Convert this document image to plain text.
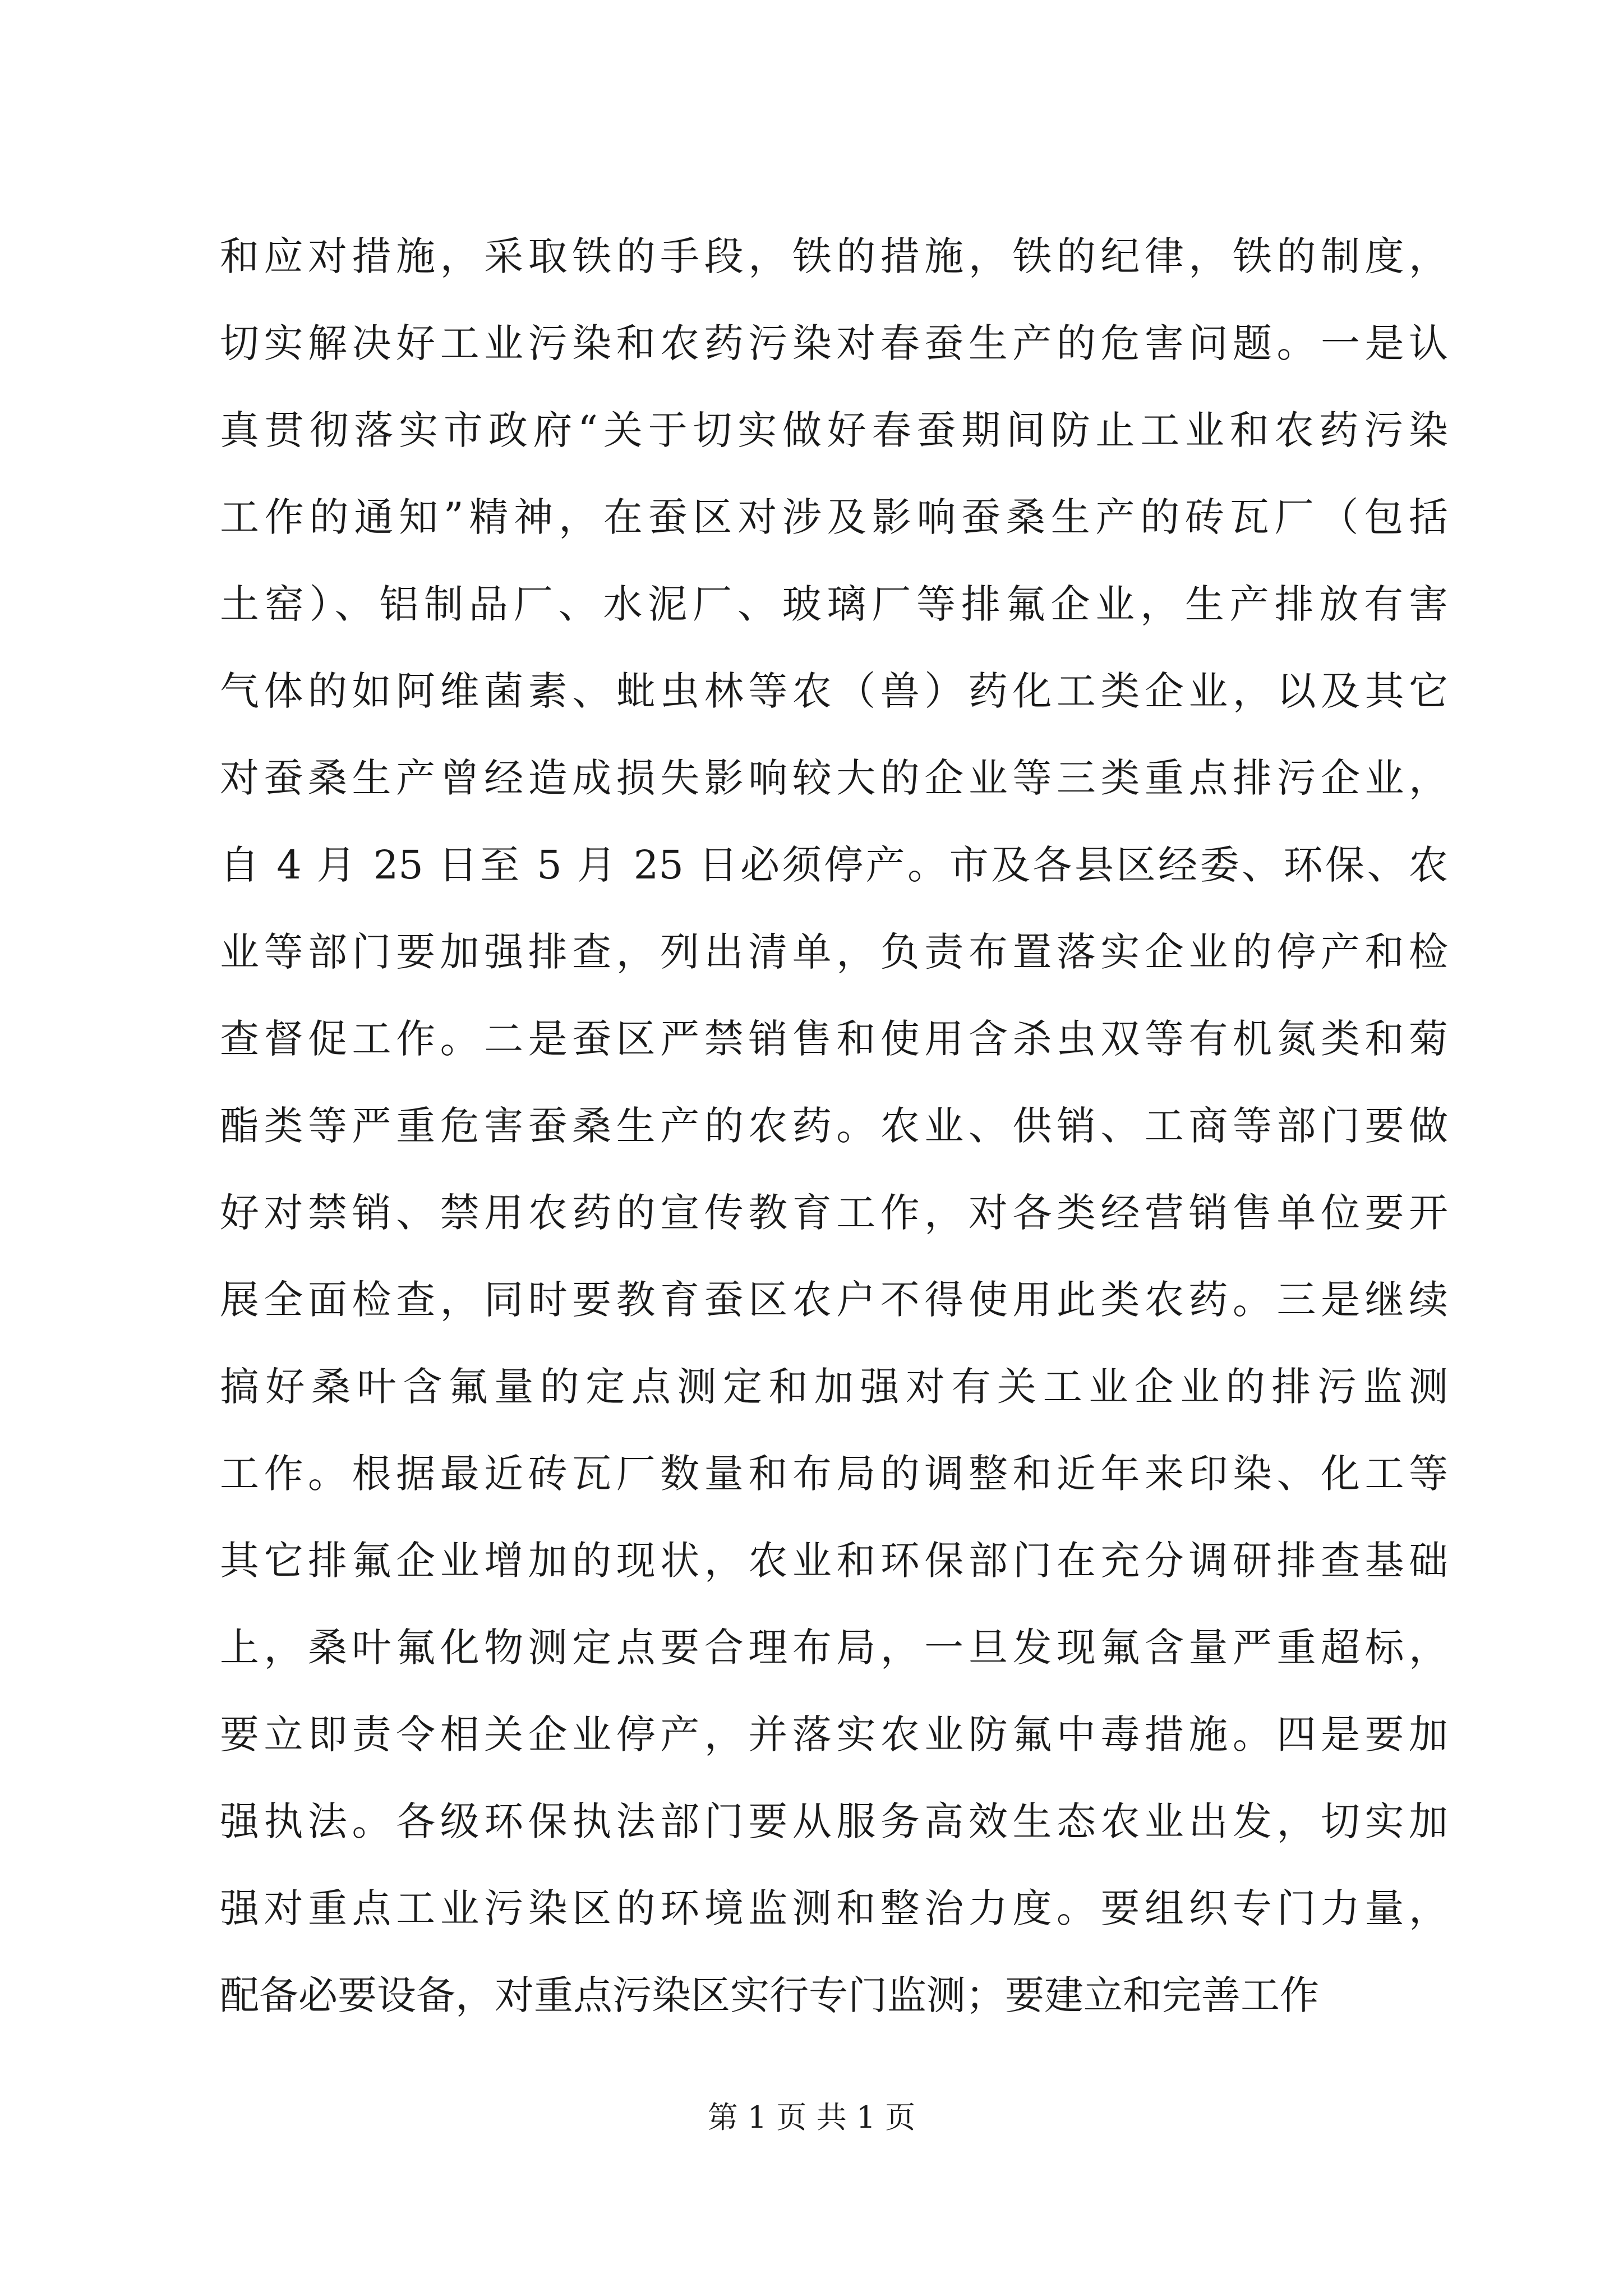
和应对措施，采取铁的手段，铁的措施，铁的纪律，铁的制度，
切实解决好工业污染和农药污染对春蚕生产的危害问题。一是认
真贯彻落实市政府“关于切实做好春蚕期间防止工业和农药污染
工作的通知”精神，在蚕区对涉及影响蚕桑生产的砖瓦厂（包括
土窑）、铝制品厂、水泥厂、玻璃厂等排氟企业，生产排放有害
气体的如阿维菌素、蚍虫林等农（兽）药化工类企业，以及其它
对蚕桑生产曾经造成损失影响较大的企业等三类重点排污企业，
自 4 月 25 日至 5 月 25 日必须停产。市及各县区经委、环保、农
业等部门要加强排查，列出清单，负责布置落实企业的停产和检
查督促工作。二是蚕区严禁销售和使用含杀虫双等有机氮类和菊
酯类等严重危害蚕桑生产的农药。农业、供销、工商等部门要做
好对禁销、禁用农药的宣传教育工作，对各类经营销售单位要开
展全面检查，同时要教育蚕区农户不得使用此类农药。三是继续
搞好桑叶含氟量的定点测定和加强对有关工业企业的排污监测
工作。根据最近砖瓦厂数量和布局的调整和近年来印染、化工等
其它排氟企业增加的现状，农业和环保部门在充分调研排查基础
上，桑叶氟化物测定点要合理布局，一旦发现氟含量严重超标，
要立即责令相关企业停产，并落实农业防氟中毒措施。四是要加
强执法。各级环保执法部门要从服务高效生态农业出发，切实加
强对重点工业污染区的环境监测和整治力度。要组织专门力量，
配备必要设备，对重点污染区实行专门监测；要建立和完善工作
第 1 页 共 1 页
